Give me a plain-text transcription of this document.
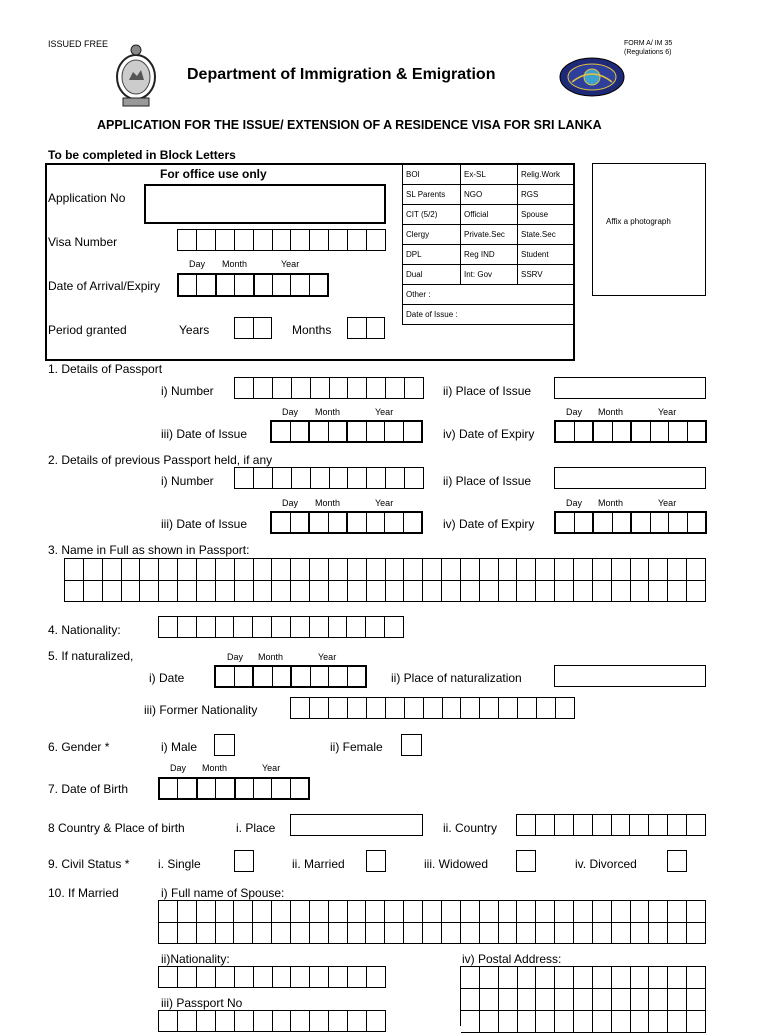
ISSUED FREE
Department of Immigration & Emigration
FORM A/ IM 35
(Regulations 6)
APPLICATION FOR THE ISSUE/ EXTENSION OF A RESIDENCE VISA FOR SRI LANKA
To be completed in Block Letters
For office use only
Application No
Visa Number
Day Month	Year
Date of Arrival/Expiry
Period granted	Years	Months
BOI	Ex-SL	Relig.Work
SL Parents	NGO	RGS
CIT (5/2)	Official	Spouse
Clergy	Private.Sec	State.Sec
DPL	Reg IND	Student
Dual	Int: Gov	SSRV
Other :		
Date of Issue :		
Affix a photograph
1. Details of Passport
i) Number	ii) Place of Issue
Day Month	Year	Day Month	Year
iii) Date of Issue	iv) Date of Expiry
2. Details of previous Passport held, if any
i) Number	ii) Place of Issue
Day Month	Year	Day Month	Year
iii) Date of Issue	iv) Date of Expiry
3. Name in Full as shown in Passport:
4. Nationality:
5. If naturalized,	Day Month	Year
i) Date	ii) Place of naturalization
iii) Former Nationality
6. Gender *	i) Male	ii) Female
Day Month	Year
7. Date of Birth
8 Country & Place of birth	i. Place	ii. Country
9. Civil Status * i. Single	ii. Married	iii. Widowed	iv. Divorced
10. If Married	i) Full name of Spouse:
ii)Nationality:	iv) Postal Address:
iii) Passport No
